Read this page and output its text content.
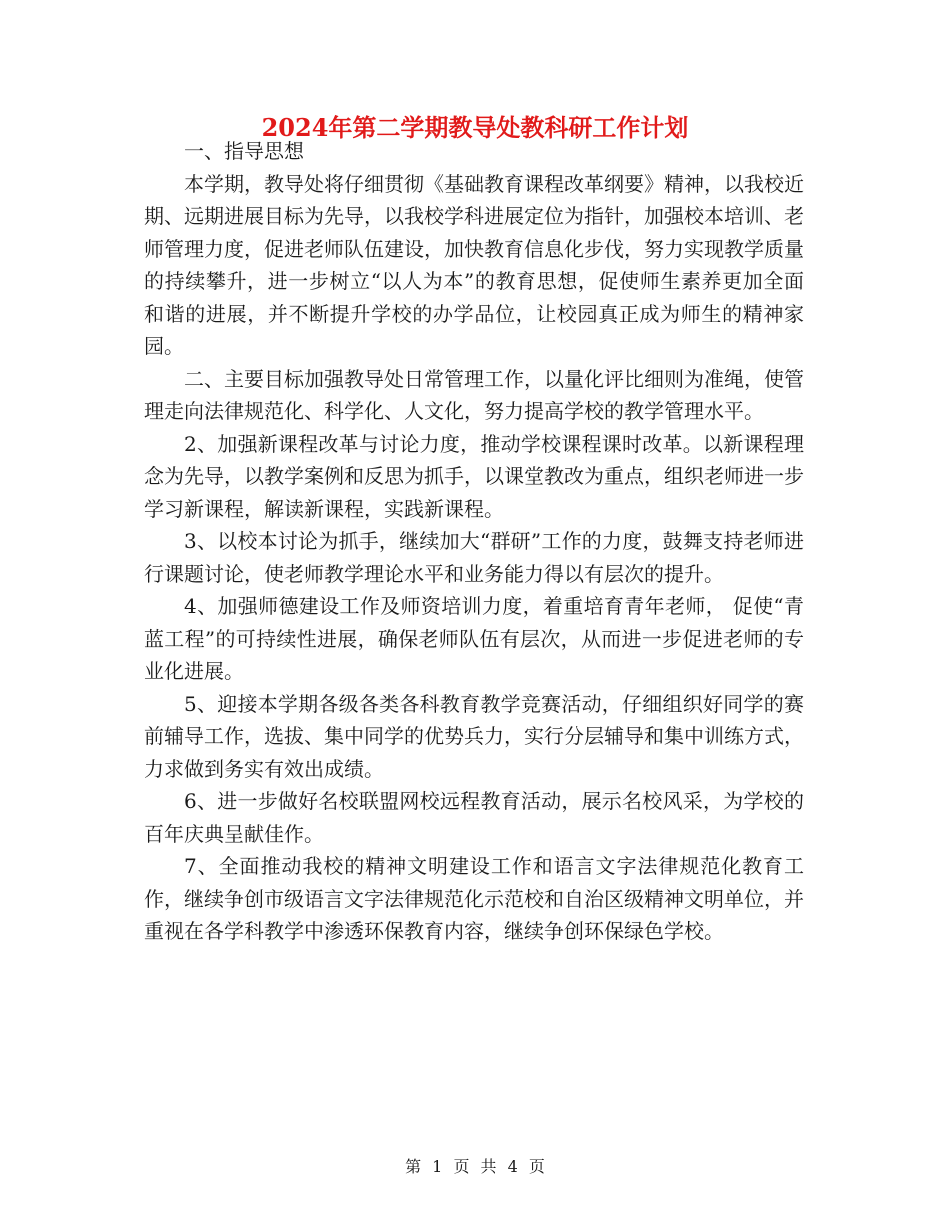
2024年第二学期教导处教科研工作计划

一、指导思想

本学期，教导处将仔细贯彻《基础教育课程改革纲要》精神，以我校近期、远期进展目标为先导，以我校学科进展定位为指针，加强校本培训、老师管理力度，促进老师队伍建设，加快教育信息化步伐，努力实现教学质量的持续攀升，进一步树立“以人为本”的教育思想，促使师生素养更加全面和谐的进展，并不断提升学校的办学品位，让校园真正成为师生的精神家园。

二、主要目标加强教导处日常管理工作，以量化评比细则为准绳，使管理走向法律规范化、科学化、人文化，努力提高学校的教学管理水平。

2、加强新课程改革与讨论力度，推动学校课程课时改革。以新课程理念为先导，以教学案例和反思为抓手，以课堂教改为重点，组织老师进一步学习新课程，解读新课程，实践新课程。

3、以校本讨论为抓手，继续加大“群研”工作的力度，鼓舞支持老师进行课题讨论，使老师教学理论水平和业务能力得以有层次的提升。

4、加强师德建设工作及师资培训力度，着重培育青年老师， 促使“青蓝工程”的可持续性进展，确保老师队伍有层次，从而进一步促进老师的专业化进展。

5、迎接本学期各级各类各科教育教学竞赛活动，仔细组织好同学的赛前辅导工作，选拔、集中同学的优势兵力，实行分层辅导和集中训练方式，力求做到务实有效出成绩。

6、进一步做好名校联盟网校远程教育活动，展示名校风采，为学校的百年庆典呈献佳作。

7、全面推动我校的精神文明建设工作和语言文字法律规范化教育工作，继续争创市级语言文字法律规范化示范校和自治区级精神文明单位，并重视在各学科教学中渗透环保教育内容，继续争创环保绿色学校。

第 1 页 共 4 页
